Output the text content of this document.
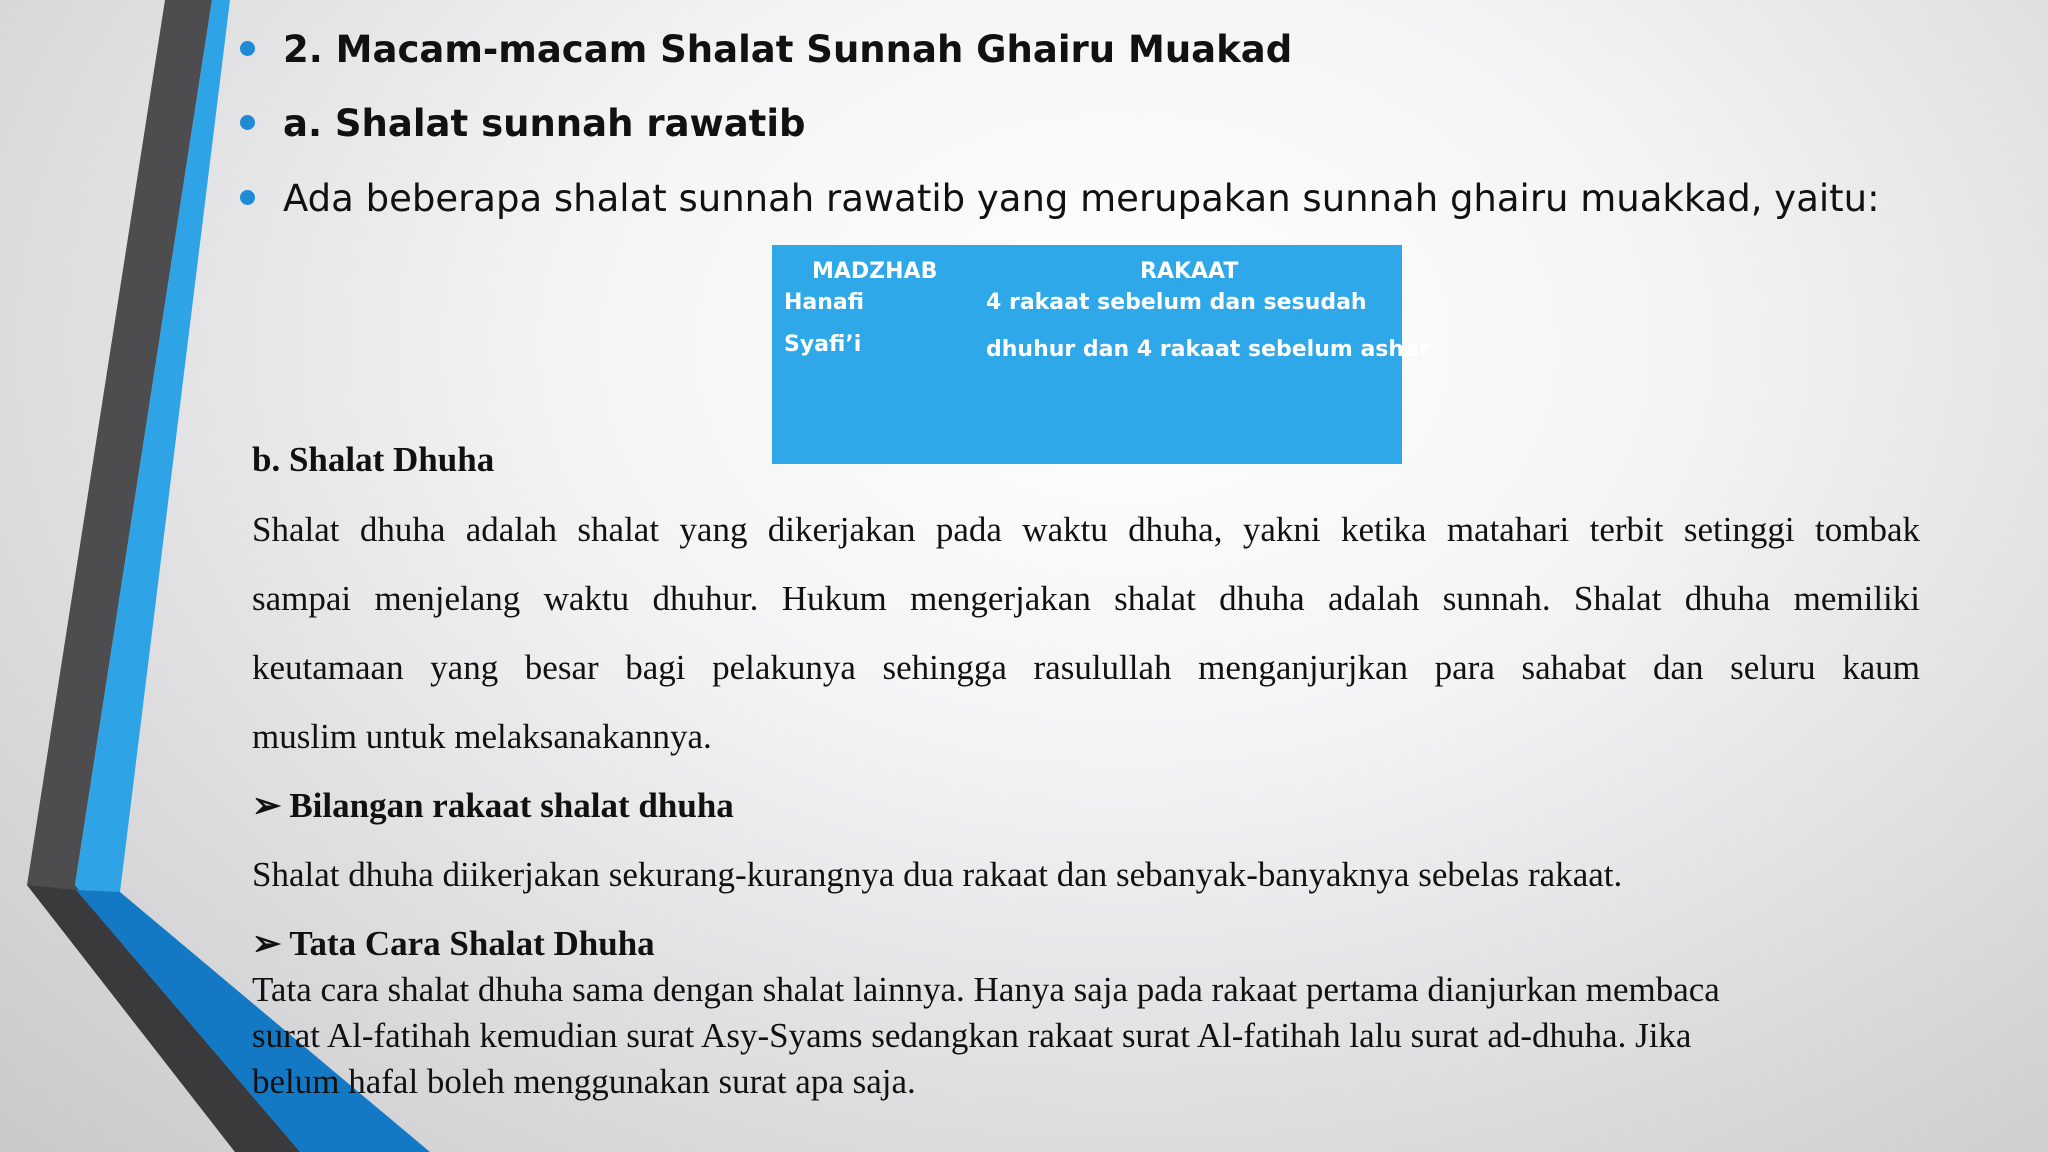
2. Macam-macam Shalat Sunnah Ghairu Muakad
a. Shalat sunnah rawatib
Ada beberapa shalat sunnah rawatib yang merupakan sunnah ghairu muakkad, yaitu:
MADZHAB	RAKAAT
Hanafi
Syafi’i
4 rakaat sebelum dan sesudah
dhuhur dan 4 rakaat sebelum ashar
b. Shalat Dhuha
Shalat dhuha adalah shalat yang dikerjakan pada waktu dhuha, yakni ketika matahari terbit setinggi tombak
sampai menjelang waktu dhuhur. Hukum mengerjakan shalat dhuha adalah sunnah. Shalat dhuha memiliki
keutamaan yang besar bagi pelakunya sehingga rasulullah menganjurjkan para sahabat dan seluru kaum
muslim untuk melaksanakannya.
➢ Bilangan rakaat shalat dhuha
Shalat dhuha diikerjakan sekurang-kurangnya dua rakaat dan sebanyak-banyaknya sebelas rakaat.
➢ Tata Cara Shalat Dhuha
Tata cara shalat dhuha sama dengan shalat lainnya. Hanya saja pada rakaat pertama dianjurkan membaca
surat Al-fatihah kemudian surat Asy-Syams sedangkan rakaat surat Al-fatihah lalu surat ad-dhuha. Jika
belum hafal boleh menggunakan surat apa saja.
